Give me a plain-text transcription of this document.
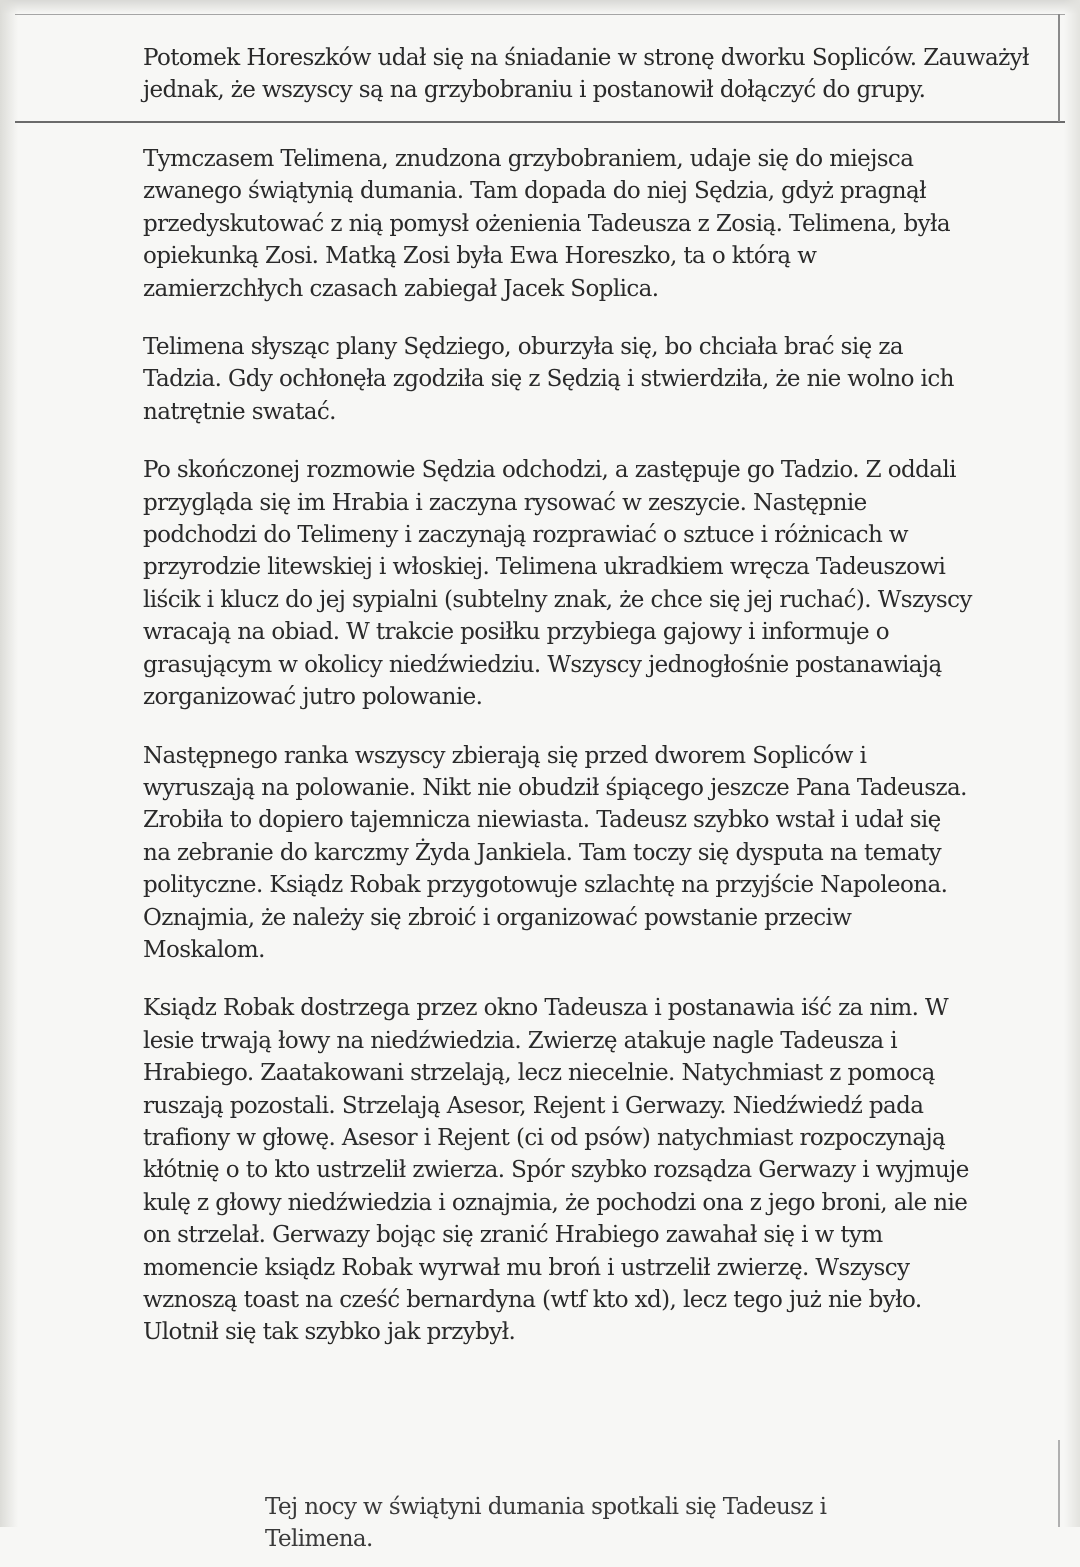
Potomek Horeszków udał się na śniadanie w stronę dworku Sopliców. Zauważył jednak, że wszyscy są na grzybobraniu i postanowił dołączyć do grupy.

Tymczasem Telimena, znudzona grzybobraniem, udaje się do miejsca zwanego świątynią dumania. Tam dopada do niej Sędzia, gdyż pragnął przedyskutować z nią pomysł ożenienia Tadeusza z Zosią. Telimena, była opiekunką Zosi. Matką Zosi była Ewa Horeszko, ta o którą w zamierzchłych czasach zabiegał Jacek Soplica.

Telimena słysząc plany Sędziego, oburzyła się, bo chciała brać się za Tadzia. Gdy ochłonęła zgodziła się z Sędzią i stwierdziła, że nie wolno ich natrętnie swatać.

Po skończonej rozmowie Sędzia odchodzi, a zastępuje go Tadzio. Z oddali przygląda się im Hrabia i zaczyna rysować w zeszycie. Następnie podchodzi do Telimeny i zaczynają rozprawiać o sztuce i różnicach w przyrodzie litewskiej i włoskiej. Telimena ukradkiem wręcza Tadeuszowi liścik i klucz do jej sypialni (subtelny znak, że chce się jej ruchać). Wszyscy wracają na obiad. W trakcie posiłku przybiega gajowy i informuje o grasującym w okolicy niedźwiedziu. Wszyscy jednogłośnie postanawiają zorganizować jutro polowanie.

Następnego ranka wszyscy zbierają się przed dworem Sopliców i wyruszają na polowanie. Nikt nie obudził śpiącego jeszcze Pana Tadeusza. Zrobiła to dopiero tajemnicza niewiasta. Tadeusz szybko wstał i udał się na zebranie do karczmy Żyda Jankiela. Tam toczy się dysputa na tematy polityczne. Ksiądz Robak przygotowuje szlachtę na przyjście Napoleona. Oznajmia, że należy się zbroić i organizować powstanie przeciw Moskalom.

Ksiądz Robak dostrzega przez okno Tadeusza i postanawia iść za nim. W lesie trwają łowy na niedźwiedzia. Zwierzę atakuje nagle Tadeusza i Hrabiego. Zaatakowani strzelają, lecz niecelnie. Natychmiast z pomocą ruszają pozostali. Strzelają Asesor, Rejent i Gerwazy. Niedźwiedź pada trafiony w głowę. Asesor i Rejent (ci od psów) natychmiast rozpoczynają kłótnię o to kto ustrzelił zwierza. Spór szybko rozsądza Gerwazy i wyjmuje kulę z głowy niedźwiedzia i oznajmia, że pochodzi ona z jego broni, ale nie on strzelał. Gerwazy bojąc się zranić Hrabiego zawahał się i w tym momencie ksiądz Robak wyrwał mu broń i ustrzelił zwierzę. Wszyscy wznoszą toast na cześć bernardyna (wtf kto xd), lecz tego już nie było. Ulotnił się tak szybko jak przybył.

Tej nocy w świątyni dumania spotkali się Tadeusz i Telimena.
